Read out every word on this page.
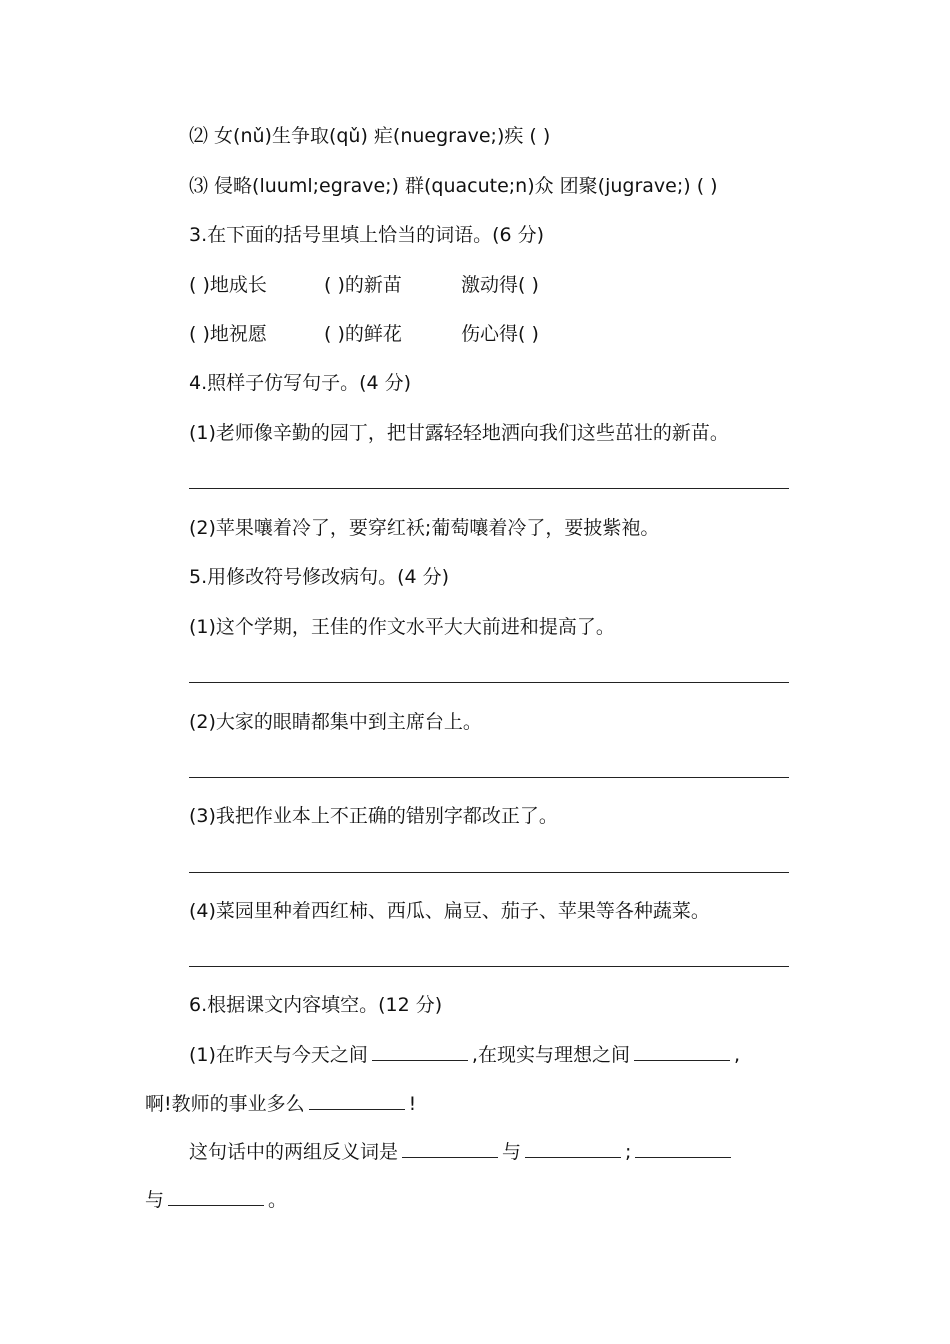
⑵ 女(nǔ)生争取(qǔ) 疟(nuegrave;)疾 ( )
⑶ 侵略(luuml;egrave;) 群(quacute;n)众 团聚(jugrave;) ( )
3.在下面的括号里填上恰当的词语。(6 分)
( )地成长	( )的新苗	激动得( )
( )地祝愿	( )的鲜花	伤心得( )
4.照样子仿写句子。(4 分)
(1)老师像辛勤的园丁，把甘露轻轻地洒向我们这些茁壮的新苗。
(2)苹果嚷着冷了，要穿红袄;葡萄嚷着冷了，要披紫袍。
5.用修改符号修改病句。(4 分)
(1)这个学期，王佳的作文水平大大前进和提高了。
(2)大家的眼睛都集中到主席台上。
(3)我把作业本上不正确的错别字都改正了。
(4)菜园里种着西红柿、西瓜、扁豆、茄子、苹果等各种蔬菜。
6.根据课文内容填空。(12 分)
(1)在昨天与今天之间	,在现实与理想之间	,
啊!教师的事业多么	!
这句话中的两组反义词是	与	;
与	。
